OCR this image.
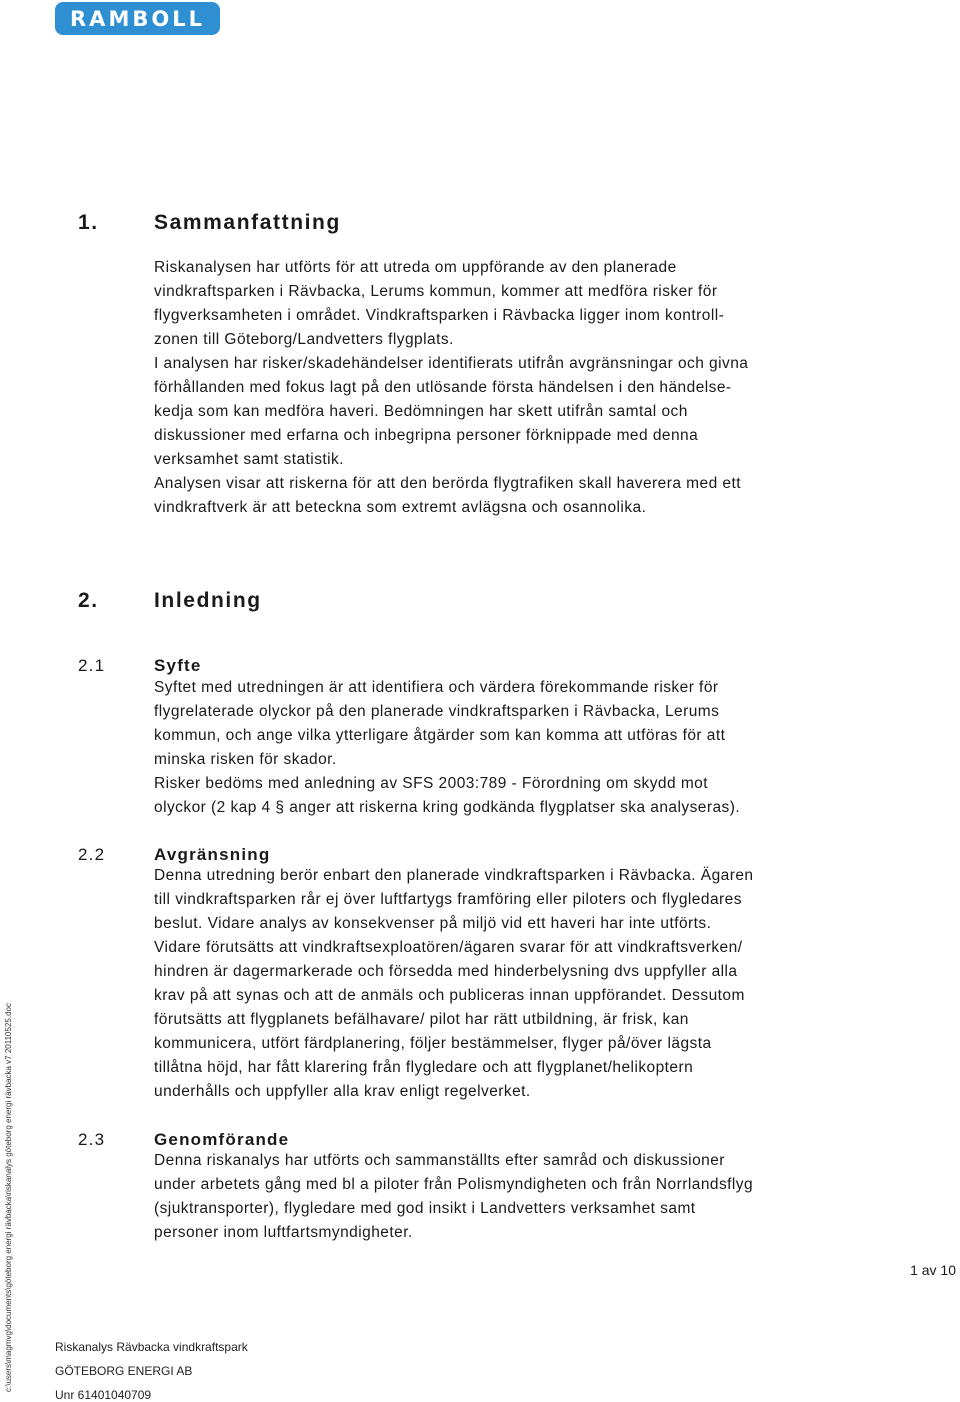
RAMBOLL
1.	Sammanfattning
Riskanalysen har utförts för att utreda om uppförande av den planerade
vindkraftsparken i Rävbacka, Lerums kommun, kommer att medföra risker för
flygverksamheten i området. Vindkraftsparken i Rävbacka ligger inom kontroll-
zonen till Göteborg/Landvetters flygplats.
I analysen har risker/skadehändelser identifierats utifrån avgränsningar och givna
förhållanden med fokus lagt på den utlösande första händelsen i den händelse-
kedja som kan medföra haveri. Bedömningen har skett utifrån samtal och
diskussioner med erfarna och inbegripna personer förknippade med denna
verksamhet samt statistik.
Analysen visar att riskerna för att den berörda flygtrafiken skall haverera med ett
vindkraftverk är att beteckna som extremt avlägsna och osannolika.
2.	Inledning
2.1	Syfte
Syftet med utredningen är att identifiera och värdera förekommande risker för
flygrelaterade olyckor på den planerade vindkraftsparken i Rävbacka, Lerums
kommun, och ange vilka ytterligare åtgärder som kan komma att utföras för att
minska risken för skador.
Risker bedöms med anledning av SFS 2003:789 - Förordning om skydd mot
olyckor (2 kap 4 § anger att riskerna kring godkända flygplatser ska analyseras).
2.2	Avgränsning
Denna utredning berör enbart den planerade vindkraftsparken i Rävbacka. Ägaren
till vindkraftsparken rår ej över luftfartygs framföring eller piloters och flygledares
beslut. Vidare analys av konsekvenser på miljö vid ett haveri har inte utförts.
Vidare förutsätts att vindkraftsexploatören/ägaren svarar för att vindkraftsverken/
hindren är dagermarkerade och försedda med hinderbelysning dvs uppfyller alla
krav på att synas och att de anmäls och publiceras innan uppförandet. Dessutom
förutsätts att flygplanets befälhavare/ pilot har rätt utbildning, är frisk, kan
kommunicera, utfört färdplanering, följer bestämmelser, flyger på/över lägsta
tillåtna höjd, har fått klarering från flygledare och att flygplanet/helikoptern
underhålls och uppfyller alla krav enligt regelverket.
2.3	Genomförande
Denna riskanalys har utförts och sammanställts efter samråd och diskussioner
under arbetets gång med bl a piloter från Polismyndigheten och från Norrlandsflyg
(sjuktransporter), flygledare med god insikt i Landvetters verksamhet samt
personer inom luftfartsmyndigheter.
1 av 10
Riskanalys Rävbacka vindkraftspark
GÖTEBORG ENERGI AB
Unr 61401040709
c:\users\magmvg\documents\göteborg energi rävbacka\riskanalys göteborg energi rävbacka v7 20110525.doc
